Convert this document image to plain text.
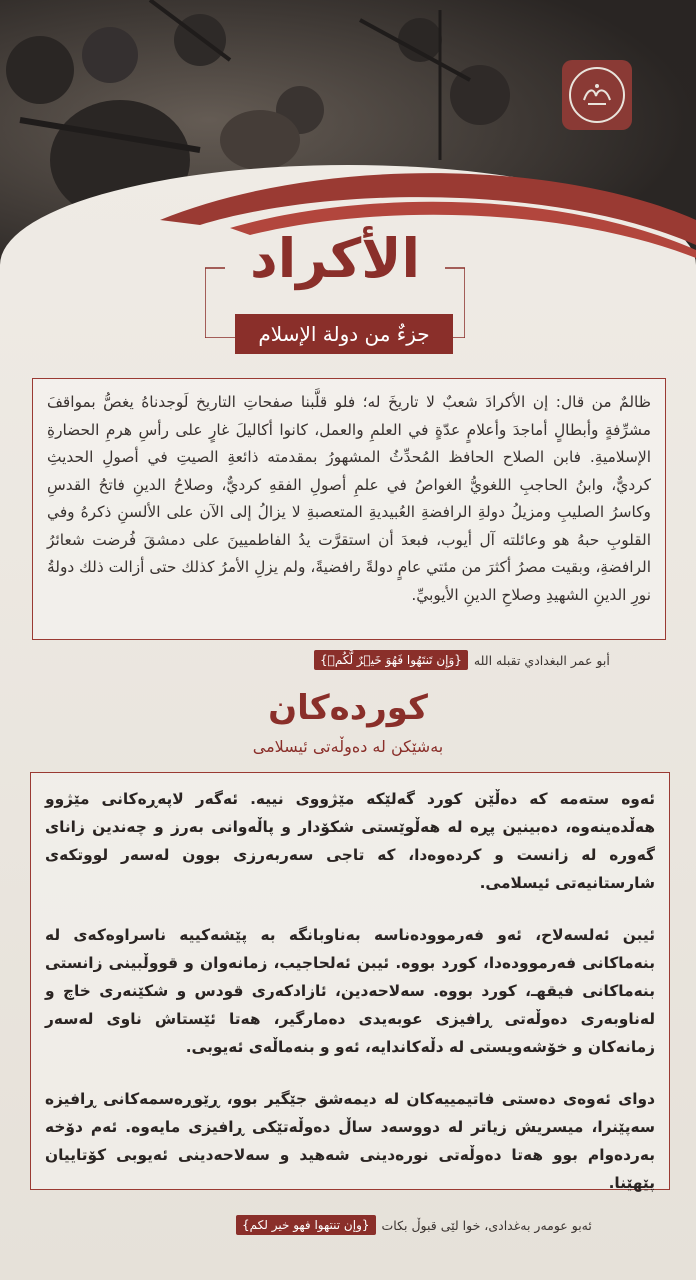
الأكراد
جزءٌ من دولة الإسلام

ظالمٌ من قال: إن الأكرادَ شعبٌ لا تاريخَ له؛ فلو قلَّبنا صفحاتِ التاريخ لَوجدناهُ يغصُّ بمواقفَ مشرِّفةٍ وأبطالٍ أماجدَ وأعلامٍ عدّةٍ في العلمِ والعمل، كانوا أكاليلَ غارٍ على رأسِ هرمِ الحضارةِ الإسلاميةِ. فابن الصلاح الحافظ المُحدِّثُ المشهورُ بمقدمته ذائعةِ الصيتِ في أصولِ الحديثِ كرديٌّ، وابنُ الحاجبِ اللغويُّ الغواصُ في علمِ أصولِ الفقهِ كرديٌّ، وصلاحُ الدينِ فاتحُ القدسِ وكاسرُ الصليبِ ومزيلُ دولةِ الرافضةِ العُبيديةِ المتعصبةِ لا يزالُ إلى الآن على الألسنِ ذكرهُ وفي القلوبِ حبهُ هو وعائلته آل أيوب، فبعدَ أن استقرَّت يدُ الفاطميينَ على دمشقَ فُرضت شعائرُ الرافضةِ، وبقيت مصرُ أكثرَ من مئتي عامٍ دولةً رافضيةً، ولم يزلِ الأمرُ كذلك حتى أزالت ذلك دولةُ نورِ الدينِ الشهيدِ وصلاحِ الدينِ الأيوبيِّ.

أبو عمر البغدادي تقبله الله
{وَإِن تَنتَهُوا فَهُوَ خَيۡرٌ لَّكُمۡ}
کوردەکان
بەشێکن لە دەوڵەتی ئیسلامی

ئەوە ستەمە کە دەڵێن کورد گەلێکە مێژووی نییە. ئەگەر لاپەڕەکانی مێژوو هەڵدەینەوە، دەبینین پڕە لە هەڵوێستی شکۆدار و پاڵەوانی بەرز و چەندین زانای گەورە لە زانست و کردەوەدا، کە تاجی سەربەرزی بوون لەسەر لووتکەی شارستانیەتی ئیسلامی.

ئیبن ئەلسەلاح، ئەو فەرموودەناسە بەناوبانگە بە پێشەکییە ناسراوەکەی لە بنەماکانی فەرموودەدا، کورد بووە. ئیبن ئەلحاجیب، زمانەوان و قووڵبینی زانستی بنەماکانی فیقهـ، کورد بووە. سەلاحەدین، ئازادکەری قودس و شکێنەری خاچ و لەناوبەری دەوڵەتی ڕافیزی عوبەیدی دەمارگیر، هەتا ئێستاش ناوی لەسەر زمانەکان و خۆشەویستی لە دڵەکاندایە، ئەو و بنەماڵەی ئەیوبی.

دوای ئەوەی دەستی فاتیمییەکان لە دیمەشق جێگیر بوو، ڕێوڕەسمەکانی ڕافیزە سەپێنرا، میسریش زیاتر لە دووسەد ساڵ دەوڵەتێکی ڕافیزی مایەوە. ئەم دۆخە بەردەوام بوو هەتا دەوڵەتی نورەدینی شەهید و سەلاحەدینی ئەیوبی کۆتاییان پێهێنا.

ئەبو عومەر بەغدادی، خوا لێی قبوڵ بکات
{وإن تنتهوا فهو خير لكم}
